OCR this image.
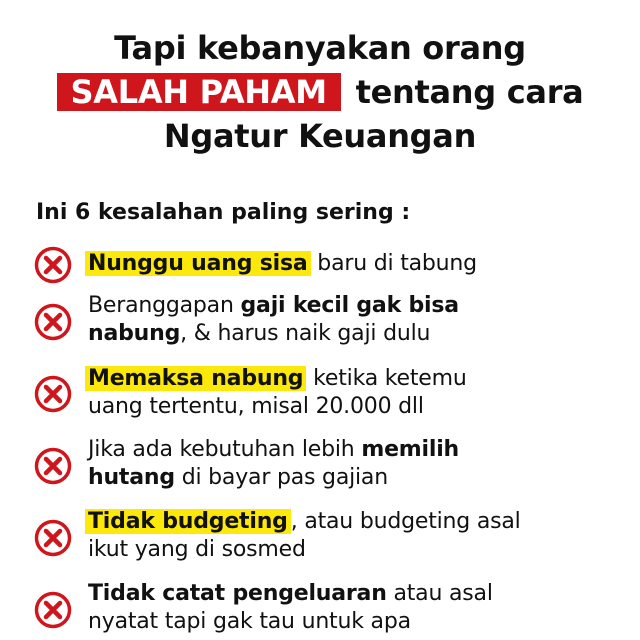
Tapi kebanyakan orang
SALAH PAHAM tentang cara
Ngatur Keuangan
Ini 6 kesalahan paling sering :
Nunggu uang sisa baru di tabung
Beranggapan gaji kecil gak bisa
nabung, & harus naik gaji dulu
Memaksa nabung ketika ketemu
uang tertentu, misal 20.000 dll
Jika ada kebutuhan lebih memilih
hutang di bayar pas gajian
Tidak budgeting , atau budgeting asal
ikut yang di sosmed
Tidak catat pengeluaran atau asal
nyatat tapi gak tau untuk apa
